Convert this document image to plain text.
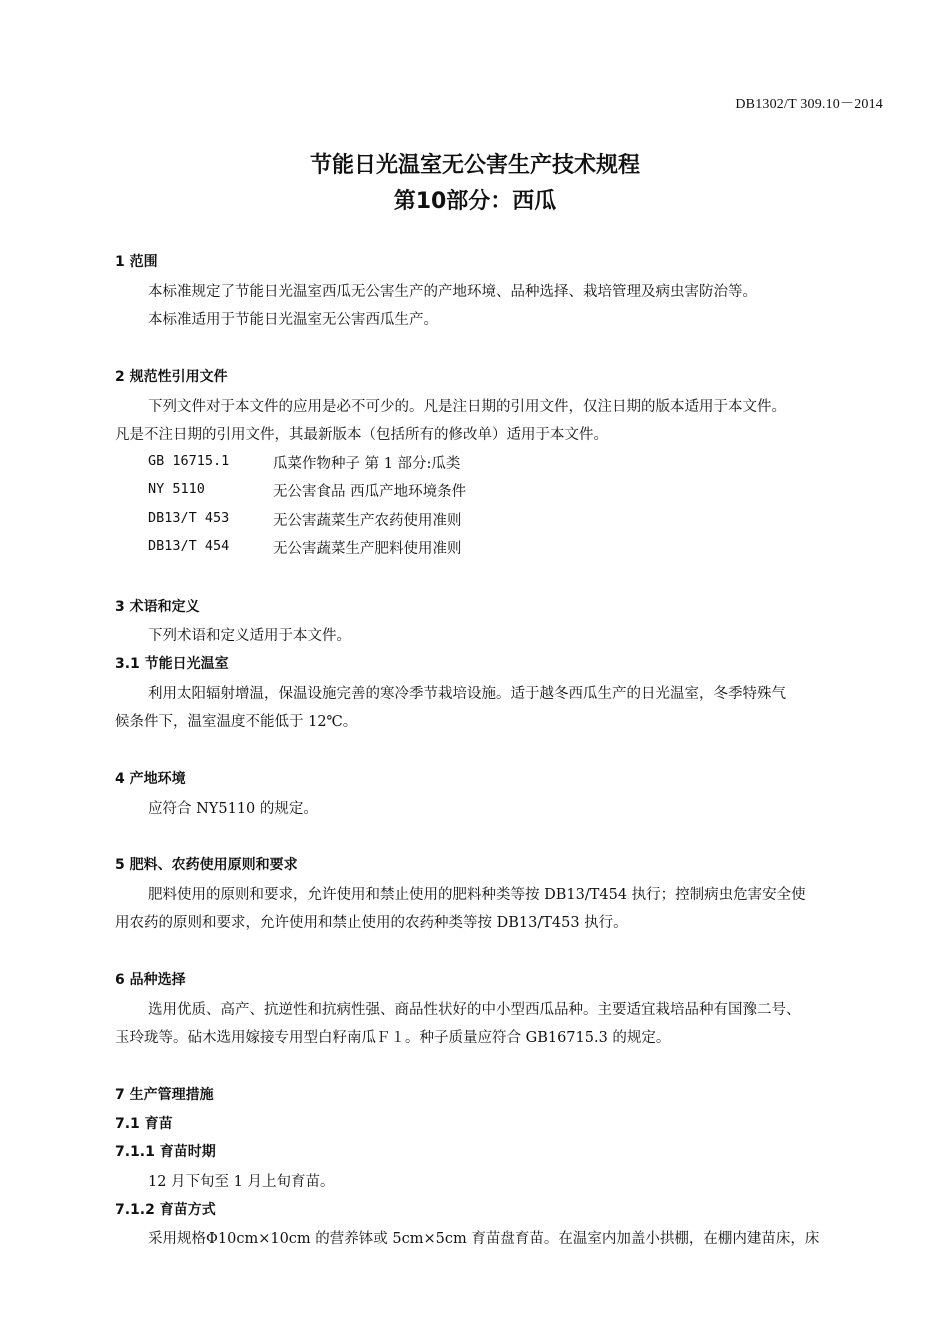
DB1302/T 309.10－2014
节能日光温室无公害生产技术规程
第10部分：西瓜
1 范围
本标准规定了节能日光温室西瓜无公害生产的产地环境、品种选择、栽培管理及病虫害防治等。
本标准适用于节能日光温室无公害西瓜生产。
2 规范性引用文件
下列文件对于本文件的应用是必不可少的。凡是注日期的引用文件，仅注日期的版本适用于本文件。
凡是不注日期的引用文件，其最新版本（包括所有的修改单）适用于本文件。
GB 16715.1	瓜菜作物种子 第 1 部分:瓜类
NY 5110	无公害食品 西瓜产地环境条件
DB13/T 453	无公害蔬菜生产农药使用准则
DB13/T 454	无公害蔬菜生产肥料使用准则
3 术语和定义
下列术语和定义适用于本文件。
3.1 节能日光温室
利用太阳辐射增温，保温设施完善的寒冷季节栽培设施。适于越冬西瓜生产的日光温室，冬季特殊气
候条件下，温室温度不能低于 12℃。
4 产地环境
应符合 NY5110 的规定。
5 肥料、农药使用原则和要求
肥料使用的原则和要求，允许使用和禁止使用的肥料种类等按 DB13/T454 执行；控制病虫危害安全使
用农药的原则和要求，允许使用和禁止使用的农药种类等按 DB13/T453 执行。
6 品种选择
选用优质、高产、抗逆性和抗病性强、商品性状好的中小型西瓜品种。主要适宜栽培品种有国豫二号、
玉玲珑等。砧木选用嫁接专用型白籽南瓜Ｆ１。种子质量应符合 GB16715.3 的规定。
7 生产管理措施
7.1 育苗
7.1.1 育苗时期
12 月下旬至 1 月上旬育苗。
7.1.2 育苗方式
采用规格Φ10cm×10cm 的营养钵或 5cm×5cm 育苗盘育苗。在温室内加盖小拱棚，在棚内建苗床，床
